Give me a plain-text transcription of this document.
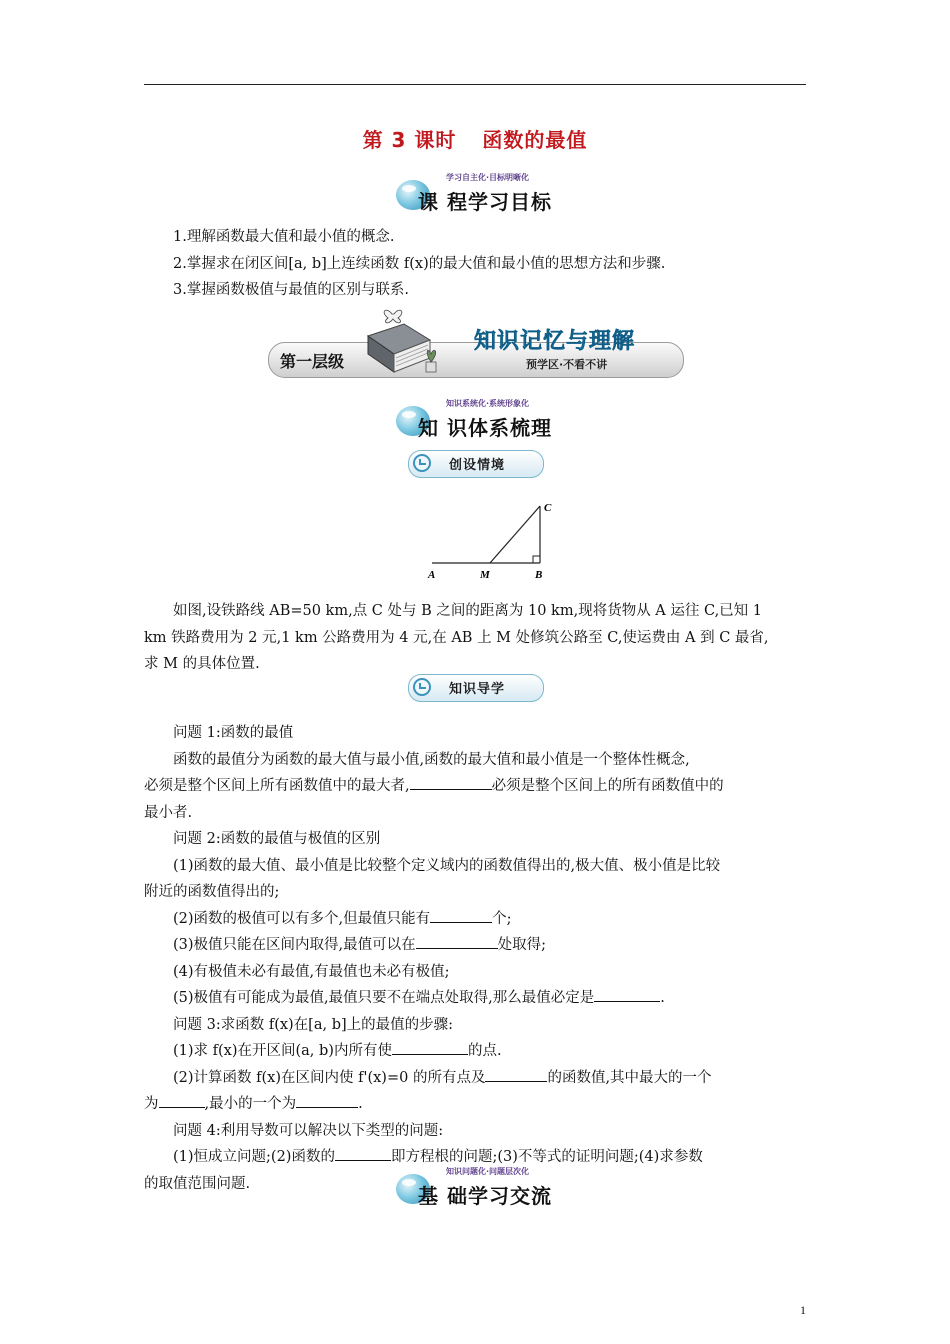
第 3 课时 函数的最值
学习自主化·目标明晰化
课 程学习目标

1.理解函数最大值和最小值的概念.

2.掌握求在闭区间[a, b]上连续函数 f(x)的最大值和最小值的思想方法和步骤.

3.掌握函数极值与最值的区别与联系.

第一层级
知识记忆与理解
预学区·不看不讲
知识系统化·系统形象化
知 识体系梳理
创设情境
A	M	B
C

如图,设铁路线 AB=50 km,点 C 处与 B 之间的距离为 10 km,现将货物从 A 运往 C,已知 1

km 铁路费用为 2 元,1 km 公路费用为 4 元,在 AB 上 M 处修筑公路至 C,使运费由 A 到 C 最省,

求 M 的具体位置.

知识导学

问题 1:函数的最值

函数的最值分为函数的最大值与最小值,函数的最大值和最小值是一个整体性概念,

必须是整个区间上所有函数值中的最大者,	必须是整个区间上的所有函数值中的

最小者.

问题 2:函数的最值与极值的区别

(1)函数的最大值、最小值是比较整个定义域内的函数值得出的,极大值、极小值是比较

附近的函数值得出的;

(2)函数的极值可以有多个,但最值只能有	个;

(3)极值只能在区间内取得,最值可以在	处取得;

(4)有极值未必有最值,有最值也未必有极值;

(5)极值有可能成为最值,最值只要不在端点处取得,那么最值必定是	.

问题 3:求函数 f(x)在[a, b]上的最值的步骤:

(1)求 f(x)在开区间(a, b)内所有使	的点.

(2)计算函数 f(x)在区间内使 f'(x)=0 的所有点及	的函数值,其中最大的一个

为	,最小的一个为	.

问题 4:利用导数可以解决以下类型的问题:

(1)恒成立问题;(2)函数的	即方程根的问题;(3)不等式的证明问题;(4)求参数

的取值范围问题.

知识问题化·问题层次化
基 础学习交流
1
